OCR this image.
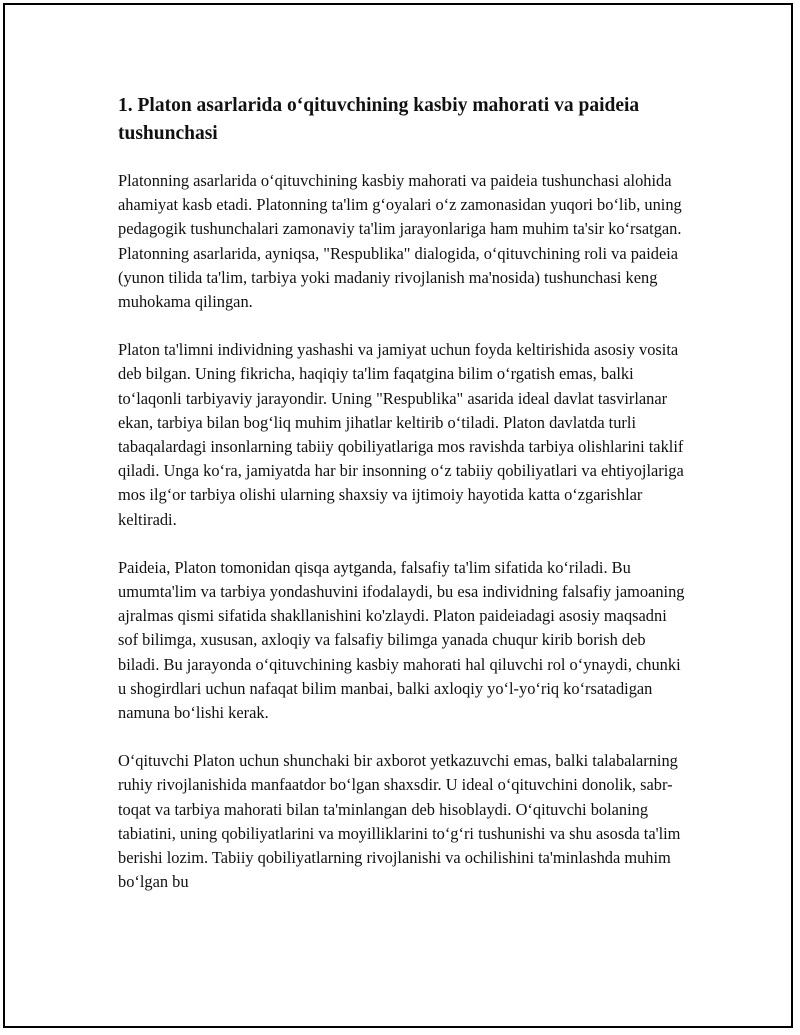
1. Platon asarlarida o‘qituvchining kasbiy mahorati va paideia tushunchasi

Platonning asarlarida o‘qituvchining kasbiy mahorati va paideia tushunchasi alohida ahamiyat kasb etadi. Platonning ta'lim g‘oyalari o‘z zamonasidan yuqori bo‘lib, uning pedagogik tushunchalari zamonaviy ta'lim jarayonlariga ham muhim ta'sir ko‘rsatgan. Platonning asarlarida, ayniqsa, "Respublika" dialogida, o‘qituvchining roli va paideia (yunon tilida ta'lim, tarbiya yoki madaniy rivojlanish ma'nosida) tushunchasi keng muhokama qilingan.

Platon ta'limni individning yashashi va jamiyat uchun foyda keltirishida asosiy vosita deb bilgan. Uning fikricha, haqiqiy ta'lim faqatgina bilim o‘rgatish emas, balki to‘laqonli tarbiyaviy jarayondir. Uning "Respublika" asarida ideal davlat tasvirlanar ekan, tarbiya bilan bog‘liq muhim jihatlar keltirib o‘tiladi. Platon davlatda turli tabaqalardagi insonlarning tabiiy qobiliyatlariga mos ravishda tarbiya olishlarini taklif qiladi. Unga ko‘ra, jamiyatda har bir insonning o‘z tabiiy qobiliyatlari va ehtiyojlariga mos ilg‘or tarbiya olishi ularning shaxsiy va ijtimoiy hayotida katta o‘zgarishlar keltiradi.

Paideia, Platon tomonidan qisqa aytganda, falsafiy ta'lim sifatida ko‘riladi. Bu umumta'lim va tarbiya yondashuvini ifodalaydi, bu esa individning falsafiy jamoaning ajralmas qismi sifatida shakllanishini ko'zlaydi. Platon paideiadagi asosiy maqsadni sof bilimga, xususan, axloqiy va falsafiy bilimga yanada chuqur kirib borish deb biladi. Bu jarayonda o‘qituvchining kasbiy mahorati hal qiluvchi rol o‘ynaydi, chunki u shogirdlari uchun nafaqat bilim manbai, balki axloqiy yo‘l-yo‘riq ko‘rsatadigan namuna bo‘lishi kerak.

O‘qituvchi Platon uchun shunchaki bir axborot yetkazuvchi emas, balki talabalarning ruhiy rivojlanishida manfaatdor bo‘lgan shaxsdir. U ideal o‘qituvchini donolik, sabr-toqat va tarbiya mahorati bilan ta'minlangan deb hisoblaydi. O‘qituvchi bolaning tabiatini, uning qobiliyatlarini va moyilliklarini to‘g‘ri tushunishi va shu asosda ta'lim berishi lozim. Tabiiy qobiliyatlarning rivojlanishi va ochilishini ta'minlashda muhim bo‘lgan bu
